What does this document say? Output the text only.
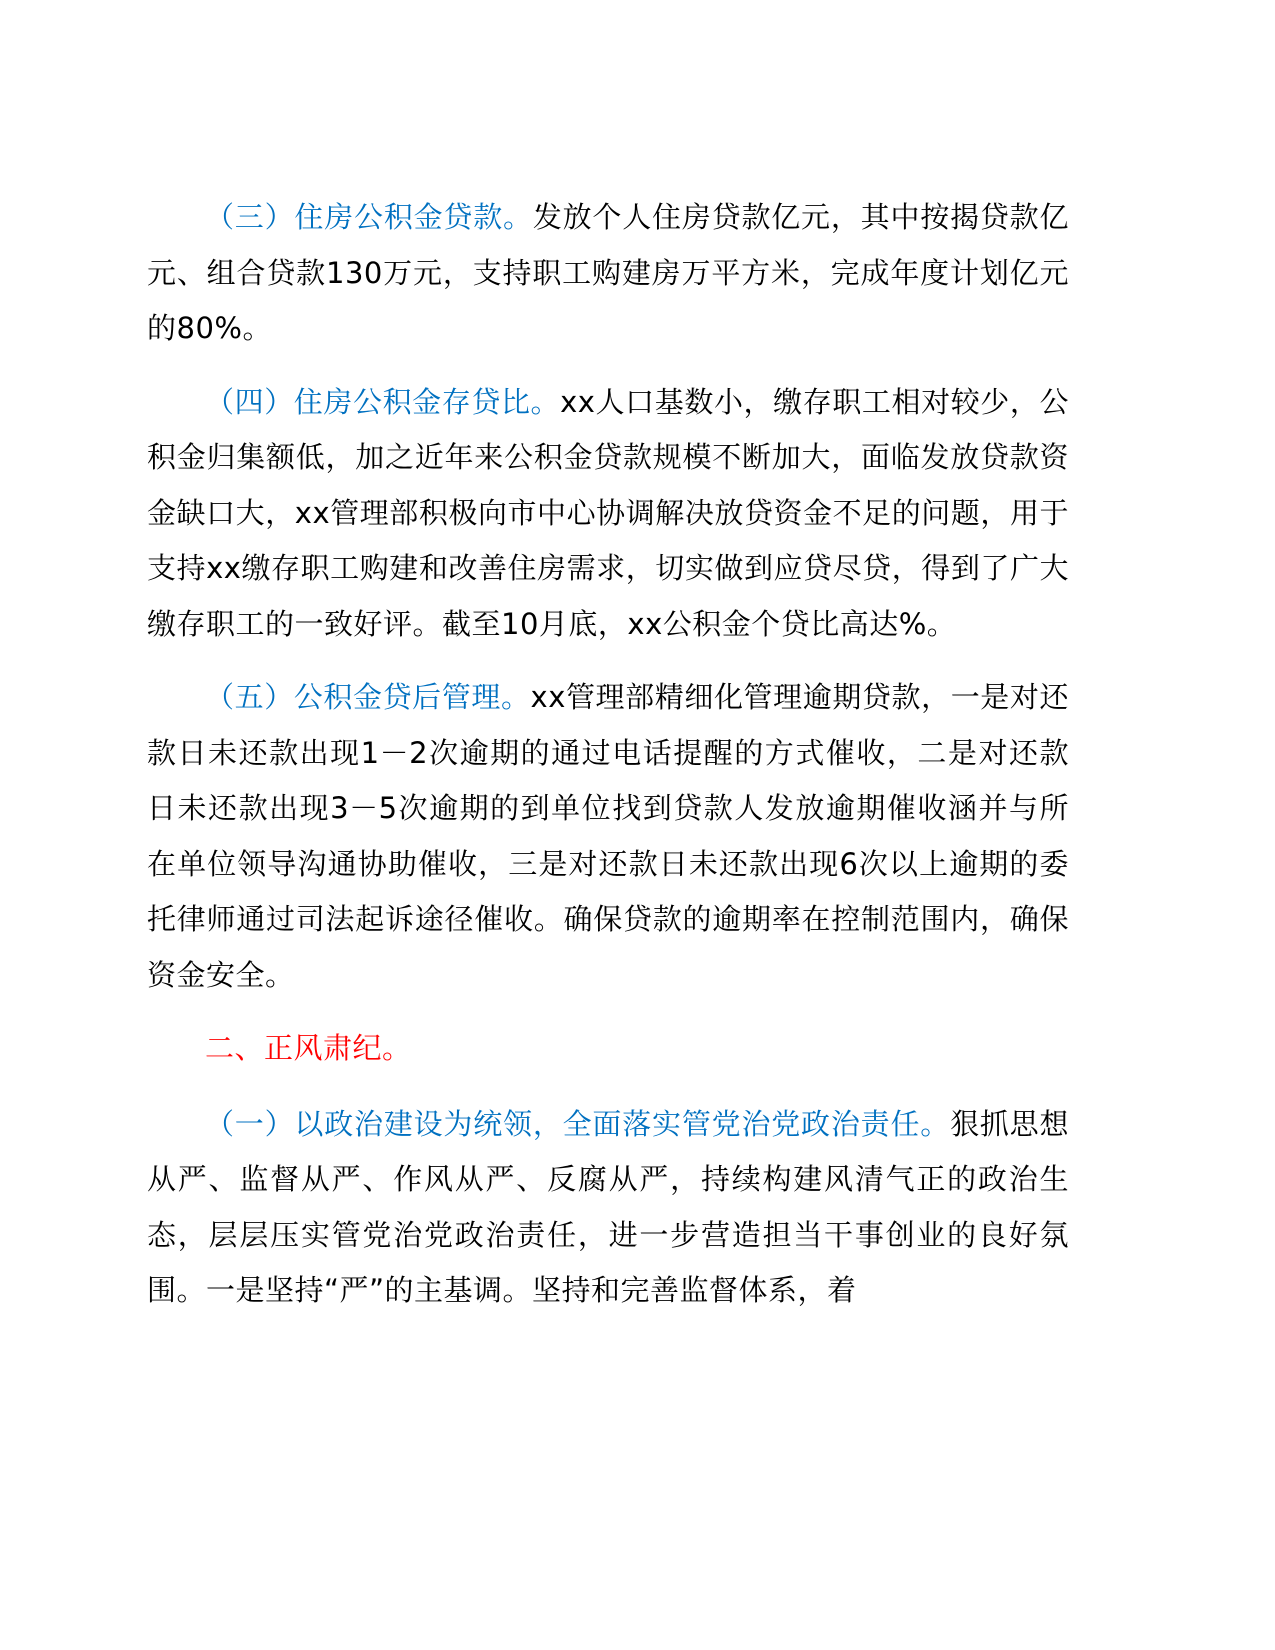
（三）住房公积金贷款。发放个人住房贷款亿元，其中按揭贷款亿元、组合贷款130万元，支持职工购建房万平方米，完成年度计划亿元的80%。

（四）住房公积金存贷比。xx人口基数小，缴存职工相对较少，公积金归集额低，加之近年来公积金贷款规模不断加大，面临发放贷款资金缺口大，xx管理部积极向市中心协调解决放贷资金不足的问题，用于支持xx缴存职工购建和改善住房需求，切实做到应贷尽贷，得到了广大缴存职工的一致好评。截至10月底，xx公积金个贷比高达%。

（五）公积金贷后管理。xx管理部精细化管理逾期贷款，一是对还款日未还款出现1－2次逾期的通过电话提醒的方式催收，二是对还款日未还款出现3－5次逾期的到单位找到贷款人发放逾期催收涵并与所在单位领导沟通协助催收，三是对还款日未还款出现6次以上逾期的委托律师通过司法起诉途径催收。确保贷款的逾期率在控制范围内，确保资金安全。

二、正风肃纪。

（一）以政治建设为统领，全面落实管党治党政治责任。狠抓思想从严、监督从严、作风从严、反腐从严，持续构建风清气正的政治生态，层层压实管党治党政治责任，进一步营造担当干事创业的良好氛围。一是坚持“严”的主基调。坚持和完善监督体系，着
